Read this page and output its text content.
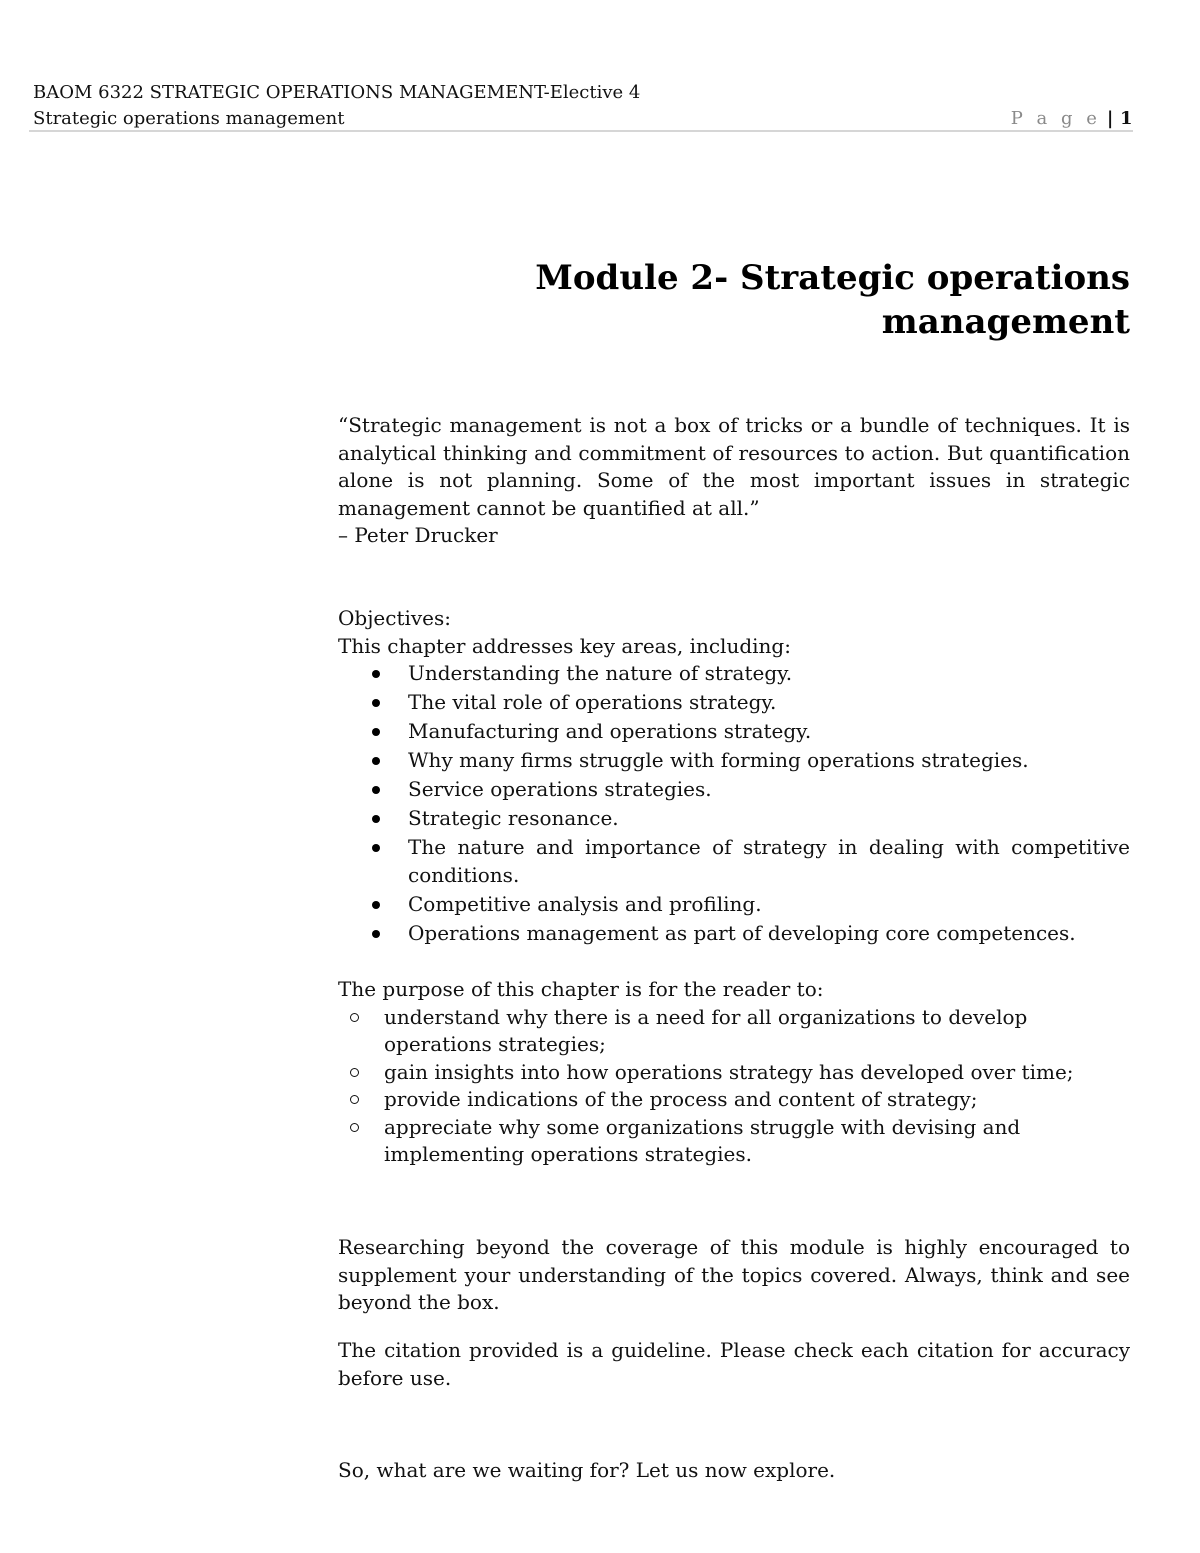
BAOM 6322 STRATEGIC OPERATIONS MANAGEMENT-Elective 4
Strategic operations management	P a g e | 1
Module 2- Strategic operations management

“Strategic management is not a box of tricks or a bundle of techniques. It is analytical thinking and commitment of resources to action. But quantification alone is not planning. Some of the most important issues in strategic management cannot be quantified at all.”

– Peter Drucker

Objectives:

This chapter addresses key areas, including:

Understanding the nature of strategy.
The vital role of operations strategy.
Manufacturing and operations strategy.
Why many firms struggle with forming operations strategies.
Service operations strategies.
Strategic resonance.
The nature and importance of strategy in dealing with competitive conditions.
Competitive analysis and profiling.
Operations management as part of developing core competences.

The purpose of this chapter is for the reader to:

understand why there is a need for all organizations to develop operations strategies;
gain insights into how operations strategy has developed over time;
provide indications of the process and content of strategy;
appreciate why some organizations struggle with devising and implementing operations strategies.

Researching beyond the coverage of this module is highly encouraged to supplement your understanding of the topics covered. Always, think and see beyond the box.

The citation provided is a guideline. Please check each citation for accuracy before use.

So, what are we waiting for? Let us now explore.
